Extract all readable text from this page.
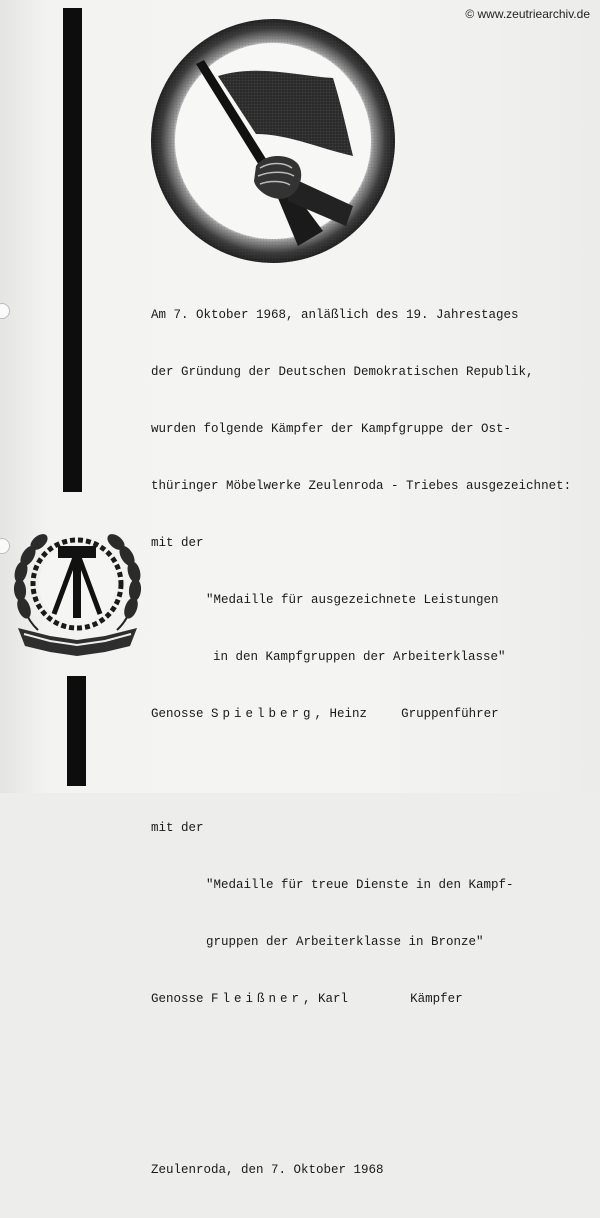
© www.zeutriearchiv.de

Am 7. Oktober 1968, anläßlich des 19. Jahrestages

der Gründung der Deutschen Demokratischen Republik,

wurden folgende Kämpfer der Kampfgruppe der Ost-

thüringer Möbelwerke Zeulenroda - Triebes ausgezeichnet:

mit der

"Medaille für ausgezeichnete Leistungen

in den Kampfgruppen der Arbeiterklasse"

Genosse Spielberg, Heinz	Gruppenführer

mit der

"Medaille für treue Dienste in den Kampf-

gruppen der Arbeiterklasse in Bronze"

Genosse Fleißner, Karl	Kämpfer

Zeulenroda, den 7. Oktober 1968
